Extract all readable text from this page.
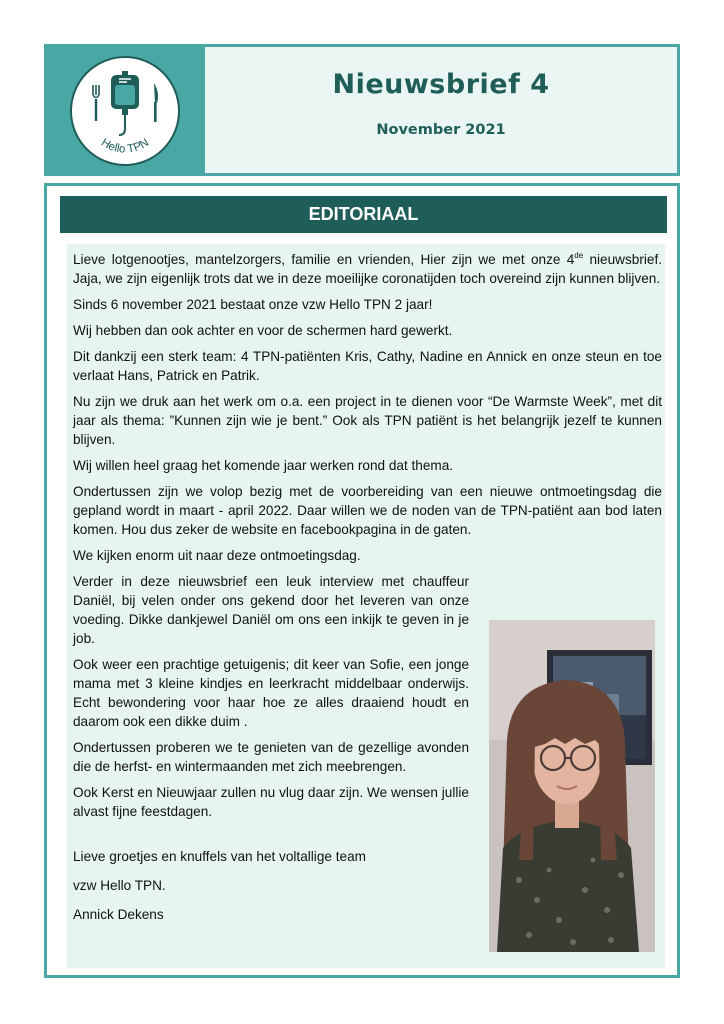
Hello TPN
Nieuwsbrief 4
November 2021
EDITORIAAL

Lieve lotgenootjes, mantelzorgers, familie en vrienden, Hier zijn we met onze 4de nieuwsbrief. Jaja, we zijn eigenlijk trots dat we in deze moeilijke coronatijden toch overeind zijn kunnen blijven.

Sinds 6 november 2021 bestaat onze vzw Hello TPN 2 jaar!

Wij hebben dan ook achter en voor de schermen hard gewerkt.

Dit dankzij een sterk team: 4 TPN-patiënten Kris, Cathy, Nadine en Annick en onze steun en toe verlaat Hans, Patrick en Patrik.

Nu zijn we druk aan het werk om o.a. een project in te dienen voor “De Warmste Week”, met dit jaar als thema: ”Kunnen zijn wie je bent.” Ook als TPN patiënt is het belangrijk jezelf te kunnen blijven.

Wij willen heel graag het komende jaar werken rond dat thema.

Ondertussen zijn we volop bezig met de voorbereiding van een nieuwe ontmoetingsdag die gepland wordt in maart - april 2022. Daar willen we de noden van de TPN-patiënt aan bod laten komen. Hou dus zeker de website en facebookpagina in de gaten.

We kijken enorm uit naar deze ontmoetingsdag.

Verder in deze nieuwsbrief een leuk interview met chauffeur Daniël, bij velen onder ons gekend door het leveren van onze voeding. Dikke dankjewel Daniël om ons een inkijk te geven in je job.

Ook weer een prachtige getuigenis; dit keer van Sofie, een jonge mama met 3 kleine kindjes en leerkracht middelbaar onderwijs. Echt bewondering voor haar hoe ze alles draaiend houdt en daarom ook een dikke duim .

Ondertussen proberen we te genieten van de gezellige avonden die de herfst- en wintermaanden met zich meebrengen.

Ook Kerst en Nieuwjaar zullen nu vlug daar zijn. We wensen jullie alvast fijne feestdagen.

Lieve groetjes en knuffels van het voltallige team

vzw Hello TPN.

Annick Dekens
